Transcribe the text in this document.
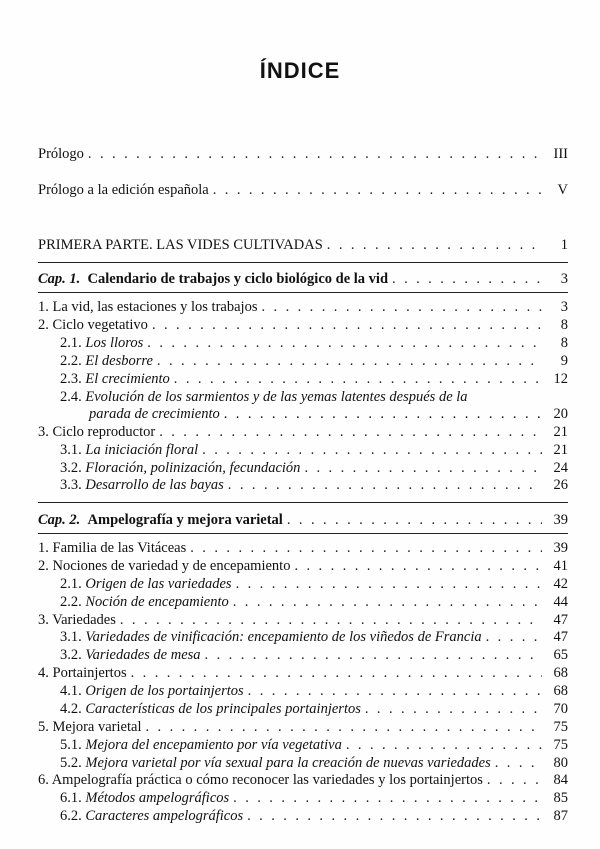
ÍNDICE
Prólogo . . .	III
Prólogo a la edición española . . .	V
PRIMERA PARTE. LAS VIDES CULTIVADAS . . .	1
Cap. 1. Calendario de trabajos y ciclo biológico de la vid . . .	3
1. La vid, las estaciones y los trabajos . . .	3
2. Ciclo vegetativo . . .	8
2.1. Los lloros . . .	8
2.2. El desborre . . .	9
2.3. El crecimiento . . .	12
2.4. Evolución de los sarmientos y de las yemas latentes después de la
parada de crecimiento . . .	20
3. Ciclo reproductor . . .	21
3.1. La iniciación floral . . .	21
3.2. Floración, polinización, fecundación . . .	24
3.3. Desarrollo de las bayas . . .	26
Cap. 2. Ampelografía y mejora varietal . . .	39
1. Familia de las Vitáceas . . .	39
2. Nociones de variedad y de encepamiento . . .	41
2.1. Origen de las variedades . . .	42
2.2. Noción de encepamiento . . .	44
3. Variedades . . .	47
3.1. Variedades de vinificación: encepamiento de los viñedos de Francia . . .	47
3.2. Variedades de mesa . . .	65
4. Portainjertos . . .	68
4.1. Origen de los portainjertos . . .	68
4.2. Características de los principales portainjertos . . .	70
5. Mejora varietal . . .	75
5.1. Mejora del encepamiento por vía vegetativa . . .	75
5.2. Mejora varietal por vía sexual para la creación de nuevas variedades . . .	80
6. Ampelografía práctica o cómo reconocer las variedades y los portainjertos . . .	84
6.1. Métodos ampelográficos . . .	85
6.2. Caracteres ampelográficos . . .	87
